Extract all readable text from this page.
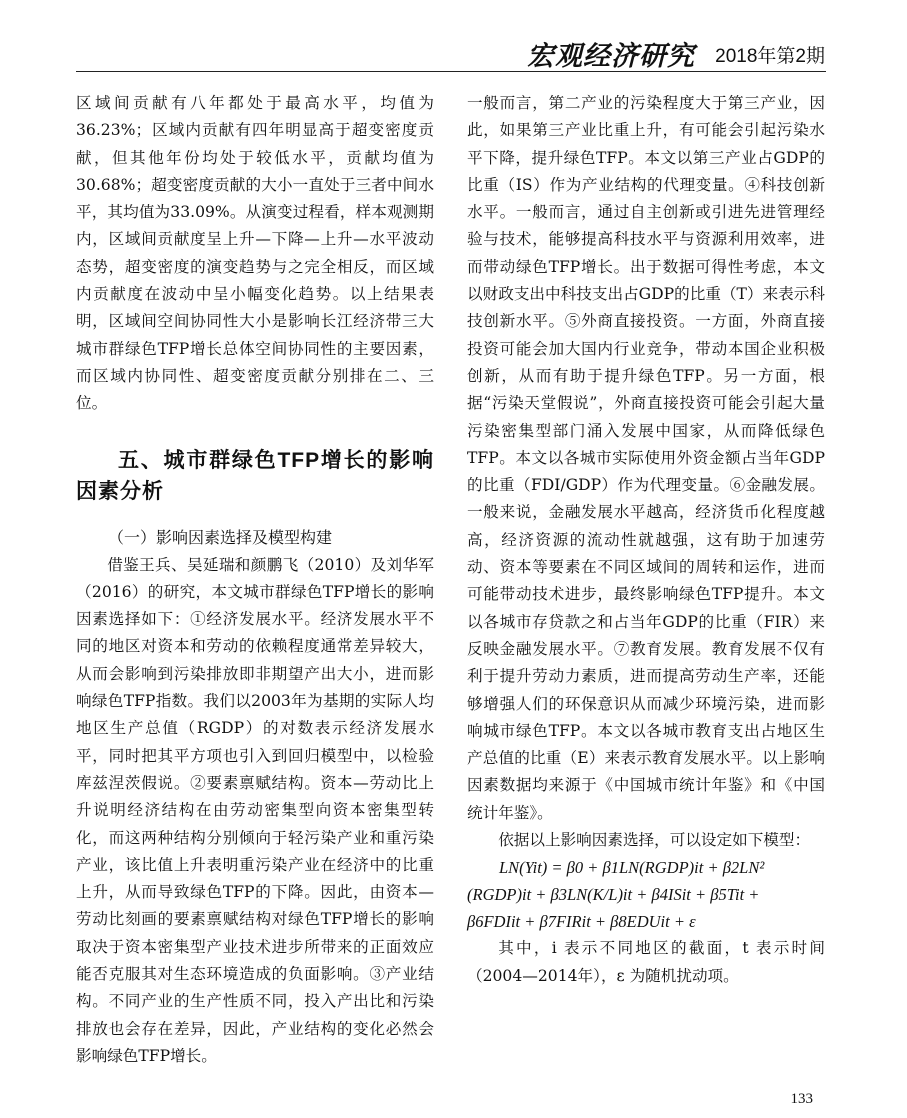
宏观经济研究 2018年第2期

区域间贡献有八年都处于最高水平，均值为36.23%；区域内贡献有四年明显高于超变密度贡献，但其他年份均处于较低水平，贡献均值为30.68%；超变密度贡献的大小一直处于三者中间水平，其均值为33.09%。从演变过程看，样本观测期内，区域间贡献度呈上升—下降—上升—水平波动态势，超变密度的演变趋势与之完全相反，而区域内贡献度在波动中呈小幅变化趋势。以上结果表明，区域间空间协同性大小是影响长江经济带三大城市群绿色TFP增长总体空间协同性的主要因素，而区域内协同性、超变密度贡献分别排在二、三位。

五、城市群绿色TFP增长的影响因素分析
（一）影响因素选择及模型构建

借鉴王兵、吴延瑞和颜鹏飞（2010）及刘华军（2016）的研究，本文城市群绿色TFP增长的影响因素选择如下：①经济发展水平。经济发展水平不同的地区对资本和劳动的依赖程度通常差异较大，从而会影响到污染排放即非期望产出大小，进而影响绿色TFP指数。我们以2003年为基期的实际人均地区生产总值（RGDP）的对数表示经济发展水平，同时把其平方项也引入到回归模型中，以检验库兹涅茨假说。②要素禀赋结构。资本—劳动比上升说明经济结构在由劳动密集型向资本密集型转化，而这两种结构分别倾向于轻污染产业和重污染产业，该比值上升表明重污染产业在经济中的比重上升，从而导致绿色TFP的下降。因此，由资本—劳动比刻画的要素禀赋结构对绿色TFP增长的影响取决于资本密集型产业技术进步所带来的正面效应能否克服其对生态环境造成的负面影响。③产业结构。不同产业的生产性质不同，投入产出比和污染排放也会存在差异，因此，产业结构的变化必然会影响绿色TFP增长。

一般而言，第二产业的污染程度大于第三产业，因此，如果第三产业比重上升，有可能会引起污染水平下降，提升绿色TFP。本文以第三产业占GDP的比重（IS）作为产业结构的代理变量。④科技创新水平。一般而言，通过自主创新或引进先进管理经验与技术，能够提高科技水平与资源利用效率，进而带动绿色TFP增长。出于数据可得性考虑，本文以财政支出中科技支出占GDP的比重（T）来表示科技创新水平。⑤外商直接投资。一方面，外商直接投资可能会加大国内行业竞争，带动本国企业积极创新，从而有助于提升绿色TFP。另一方面，根据“污染天堂假说”，外商直接投资可能会引起大量污染密集型部门涌入发展中国家，从而降低绿色TFP。本文以各城市实际使用外资金额占当年GDP的比重（FDI/GDP）作为代理变量。⑥金融发展。一般来说，金融发展水平越高，经济货币化程度越高，经济资源的流动性就越强，这有助于加速劳动、资本等要素在不同区域间的周转和运作，进而可能带动技术进步，最终影响绿色TFP提升。本文以各城市存贷款之和占当年GDP的比重（FIR）来反映金融发展水平。⑦教育发展。教育发展不仅有利于提升劳动力素质，进而提高劳动生产率，还能够增强人们的环保意识从而减少环境污染，进而影响城市绿色TFP。本文以各城市教育支出占地区生产总值的比重（E）来表示教育发展水平。以上影响因素数据均来源于《中国城市统计年鉴》和《中国统计年鉴》。

依据以上影响因素选择，可以设定如下模型：

LN(Yit) = β0 + β1LN(RGDP)it + β2LN²
(RGDP)it + β3LN(K/L)it + β4ISit + β5Tit +
β6FDIit + β7FIRit + β8EDUit + ε

其中，i 表示不同地区的截面，t 表示时间（2004—2014年），ε 为随机扰动项。

133
